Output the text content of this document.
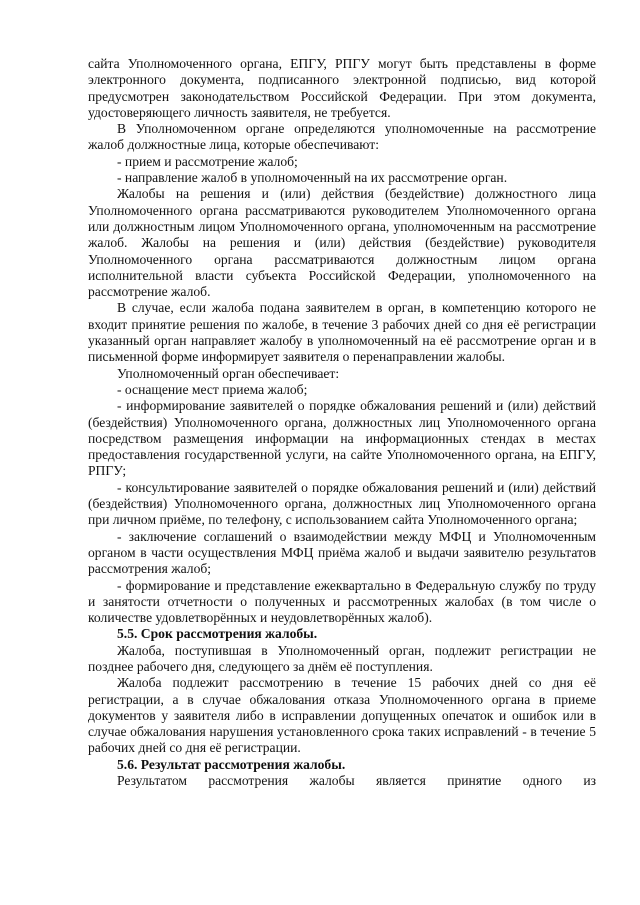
сайта Уполномоченного органа, ЕПГУ, РПГУ могут быть представлены в форме электронного документа, подписанного электронной подписью, вид которой предусмотрен законодательством Российской Федерации. При этом документа, удостоверяющего личность заявителя, не требуется.

В Уполномоченном органе определяются уполномоченные на рассмотрение жалоб должностные лица, которые обеспечивают:

- прием и рассмотрение жалоб;

- направление жалоб в уполномоченный на их рассмотрение орган.

Жалобы на решения и (или) действия (бездействие) должностного лица Уполномоченного органа рассматриваются руководителем Уполномоченного органа или должностным лицом Уполномоченного органа, уполномоченным на рассмотрение жалоб. Жалобы на решения и (или) действия (бездействие) руководителя Уполномоченного органа рассматриваются должностным лицом органа исполнительной власти субъекта Российской Федерации, уполномоченного на рассмотрение жалоб.

В случае, если жалоба подана заявителем в орган, в компетенцию которого не входит принятие решения по жалобе, в течение 3 рабочих дней со дня её регистрации указанный орган направляет жалобу в уполномоченный на её рассмотрение орган и в письменной форме информирует заявителя о перенаправлении жалобы.

Уполномоченный орган обеспечивает:

- оснащение мест приема жалоб;

- информирование заявителей о порядке обжалования решений и (или) действий (бездействия) Уполномоченного органа, должностных лиц Уполномоченного органа посредством размещения информации на информационных стендах в местах предоставления государственной услуги, на сайте Уполномоченного органа, на ЕПГУ, РПГУ;

- консультирование заявителей о порядке обжалования решений и (или) действий (бездействия) Уполномоченного органа, должностных лиц Уполномоченного органа при личном приёме, по телефону, с использованием сайта Уполномоченного органа;

- заключение соглашений о взаимодействии между МФЦ и Уполномоченным органом в части осуществления МФЦ приёма жалоб и выдачи заявителю результатов рассмотрения жалоб;

- формирование и представление ежеквартально в Федеральную службу по труду и занятости отчетности о полученных и рассмотренных жалобах (в том числе о количестве удовлетворённых и неудовлетворённых жалоб).

5.5. Срок рассмотрения жалобы.

Жалоба, поступившая в Уполномоченный орган, подлежит регистрации не позднее рабочего дня, следующего за днём её поступления.

Жалоба подлежит рассмотрению в течение 15 рабочих дней со дня её регистрации, а в случае обжалования отказа Уполномоченного органа в приеме документов у заявителя либо в исправлении допущенных опечаток и ошибок или в случае обжалования нарушения установленного срока таких исправлений - в течение 5 рабочих дней со дня её регистрации.

5.6. Результат рассмотрения жалобы.

Результатом рассмотрения жалобы является принятие одного из
